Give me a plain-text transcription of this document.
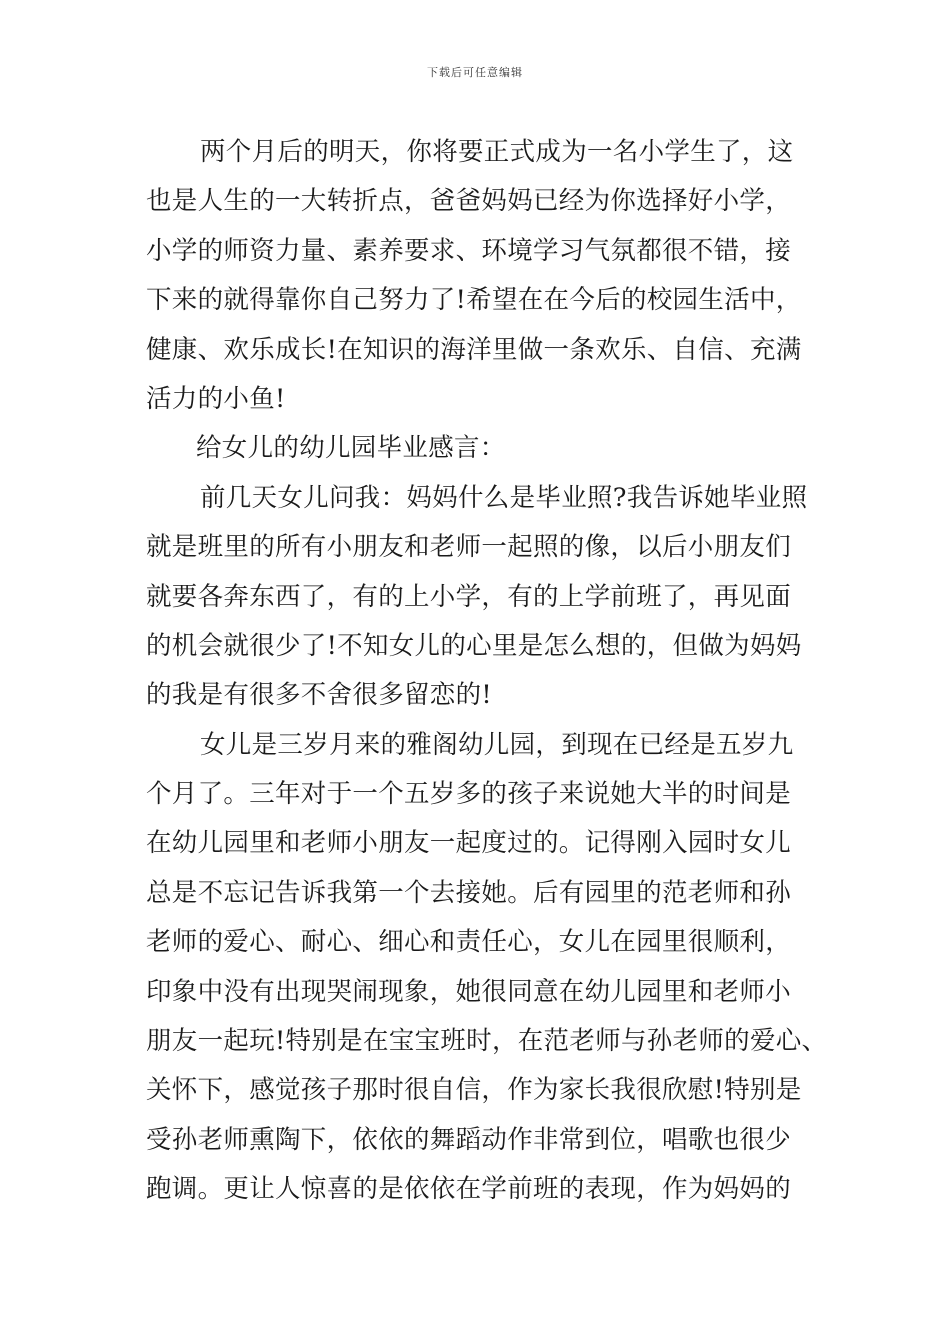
下载后可任意编辑
两个月后的明天，你将要正式成为一名小学生了，这
也是人生的一大转折点，爸爸妈妈已经为你选择好小学，
小学的师资力量、素养要求、环境学习气氛都很不错，接
下来的就得靠你自己努力了!希望在在今后的校园生活中，
健康、欢乐成长!在知识的海洋里做一条欢乐、自信、充满
活力的小鱼!
给女儿的幼儿园毕业感言：
前几天女儿问我：妈妈什么是毕业照?我告诉她毕业照
就是班里的所有小朋友和老师一起照的像，以后小朋友们
就要各奔东西了，有的上小学，有的上学前班了，再见面
的机会就很少了!不知女儿的心里是怎么想的，但做为妈妈
的我是有很多不舍很多留恋的!
女儿是三岁月来的雅阁幼儿园，到现在已经是五岁九
个月了。三年对于一个五岁多的孩子来说她大半的时间是
在幼儿园里和老师小朋友一起度过的。记得刚入园时女儿
总是不忘记告诉我第一个去接她。后有园里的范老师和孙
老师的爱心、耐心、细心和责任心，女儿在园里很顺利，
印象中没有出现哭闹现象，她很同意在幼儿园里和老师小
朋友一起玩!特别是在宝宝班时，在范老师与孙老师的爱心、
关怀下，感觉孩子那时很自信，作为家长我很欣慰!特别是
受孙老师熏陶下，依依的舞蹈动作非常到位，唱歌也很少
跑调。更让人惊喜的是依依在学前班的表现，作为妈妈的
